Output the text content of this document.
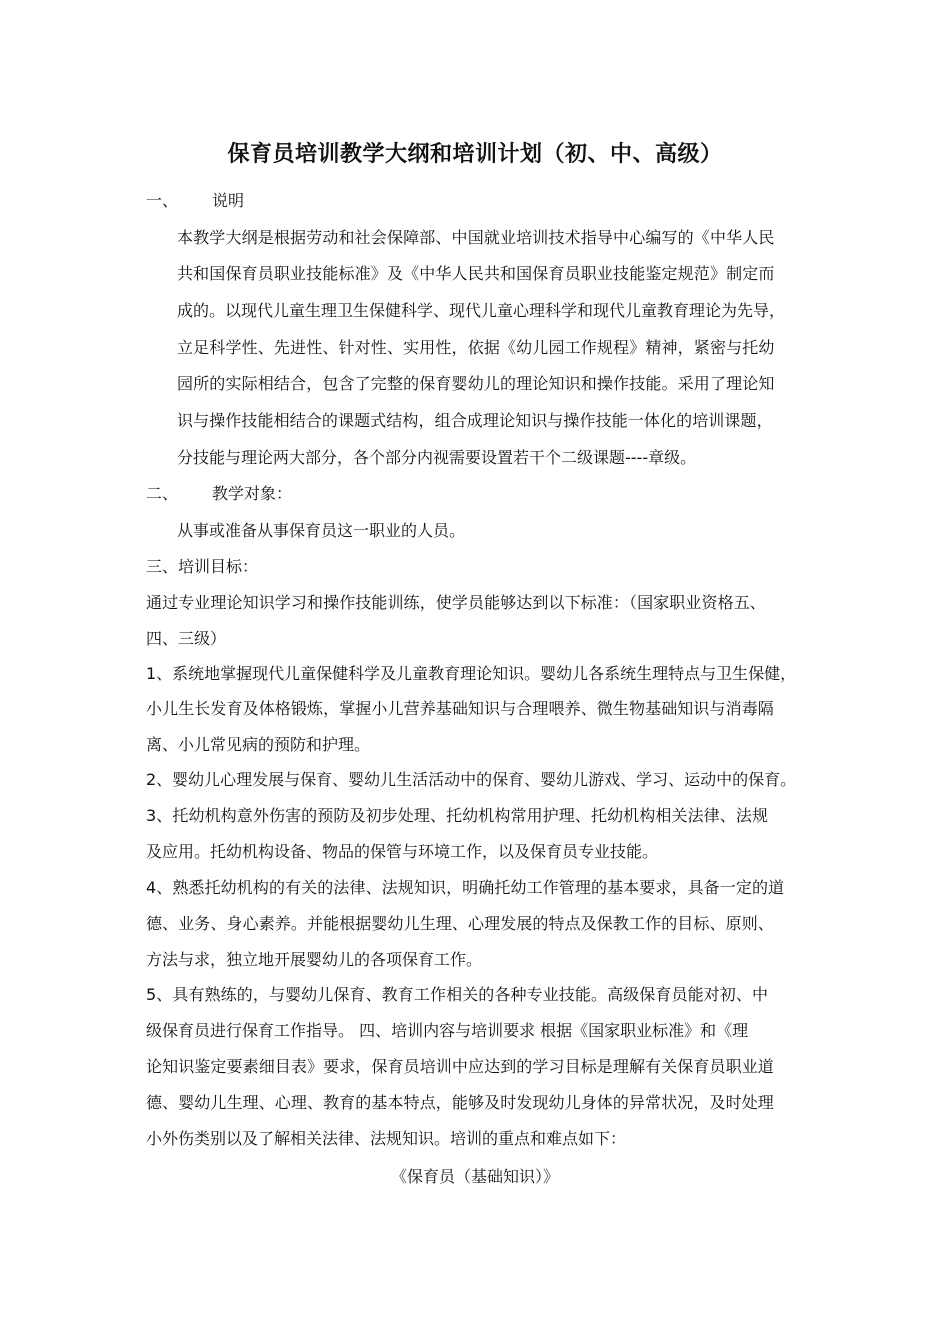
保育员培训教学大纲和培训计划（初、中、高级）
一、 说明
本教学大纲是根据劳动和社会保障部、中国就业培训技术指导中心编写的《中华人民
共和国保育员职业技能标准》及《中华人民共和国保育员职业技能鉴定规范》制定而
成的。以现代儿童生理卫生保健科学、现代儿童心理科学和现代儿童教育理论为先导，
立足科学性、先进性、针对性、实用性，依据《幼儿园工作规程》精神，紧密与托幼
园所的实际相结合，包含了完整的保育婴幼儿的理论知识和操作技能。采用了理论知
识与操作技能相结合的课题式结构，组合成理论知识与操作技能一体化的培训课题，
分技能与理论两大部分，各个部分内视需要设置若干个二级课题----章级。
二、 教学对象：
从事或准备从事保育员这一职业的人员。
三、培训目标：
通过专业理论知识学习和操作技能训练，使学员能够达到以下标准：（国家职业资格五、
四、三级）
1、系统地掌握现代儿童保健科学及儿童教育理论知识。婴幼儿各系统生理特点与卫生保健，
小儿生长发育及体格锻炼，掌握小儿营养基础知识与合理喂养、微生物基础知识与消毒隔
离、小儿常见病的预防和护理。
2、婴幼儿心理发展与保育、婴幼儿生活活动中的保育、婴幼儿游戏、学习、运动中的保育。
3、托幼机构意外伤害的预防及初步处理、托幼机构常用护理、托幼机构相关法律、法规
及应用。托幼机构设备、物品的保管与环境工作，以及保育员专业技能。
4、熟悉托幼机构的有关的法律、法规知识，明确托幼工作管理的基本要求，具备一定的道
德、业务、身心素养。并能根据婴幼儿生理、心理发展的特点及保教工作的目标、原则、
方法与求，独立地开展婴幼儿的各项保育工作。
5、具有熟练的，与婴幼儿保育、教育工作相关的各种专业技能。高级保育员能对初、中
级保育员进行保育工作指导。 四、培训内容与培训要求 根据《国家职业标准》和《理
论知识鉴定要素细目表》要求，保育员培训中应达到的学习目标是理解有关保育员职业道
德、婴幼儿生理、心理、教育的基本特点，能够及时发现幼儿身体的异常状况，及时处理
小外伤类别以及了解相关法律、法规知识。培训的重点和难点如下：
《保育员（基础知识）》
